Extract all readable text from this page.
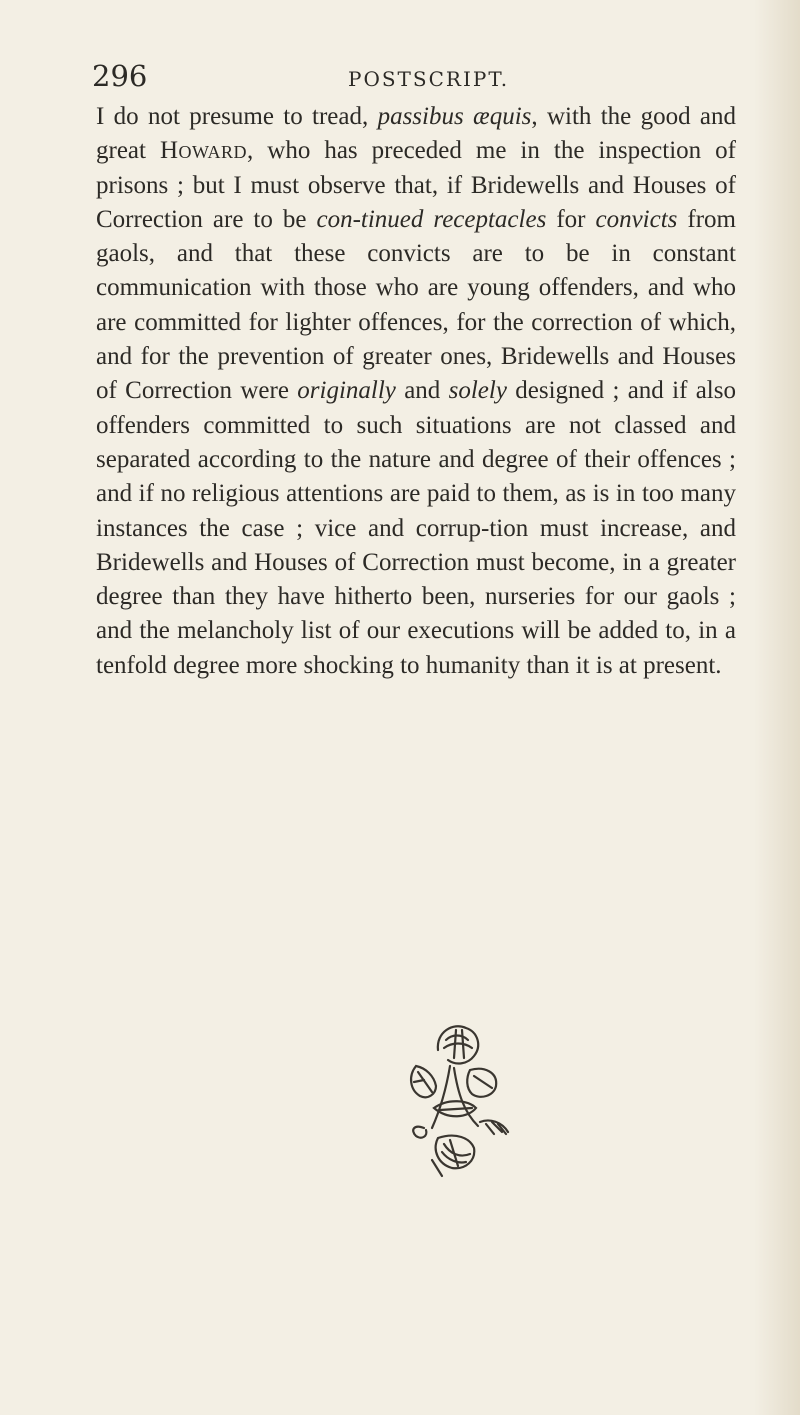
296	POSTSCRIPT.

I do not presume to tread, passibus æquis, with the good and great Howard, who has preceded me in the inspection of prisons ; but I must observe that, if Bridewells and Houses of Correction are to be con-tinued receptacles for convicts from gaols, and that these convicts are to be in constant communication with those who are young offenders, and who are committed for lighter offences, for the correction of which, and for the prevention of greater ones, Bridewells and Houses of Correction were originally and solely designed ; and if also offenders committed to such situations are not classed and separated according to the nature and degree of their offences ; and if no religious attentions are paid to them, as is in too many instances the case ; vice and corrup-tion must increase, and Bridewells and Houses of Correction must become, in a greater degree than they have hitherto been, nurseries for our gaols ; and the melancholy list of our executions will be added to, in a tenfold degree more shocking to humanity than it is at present.
